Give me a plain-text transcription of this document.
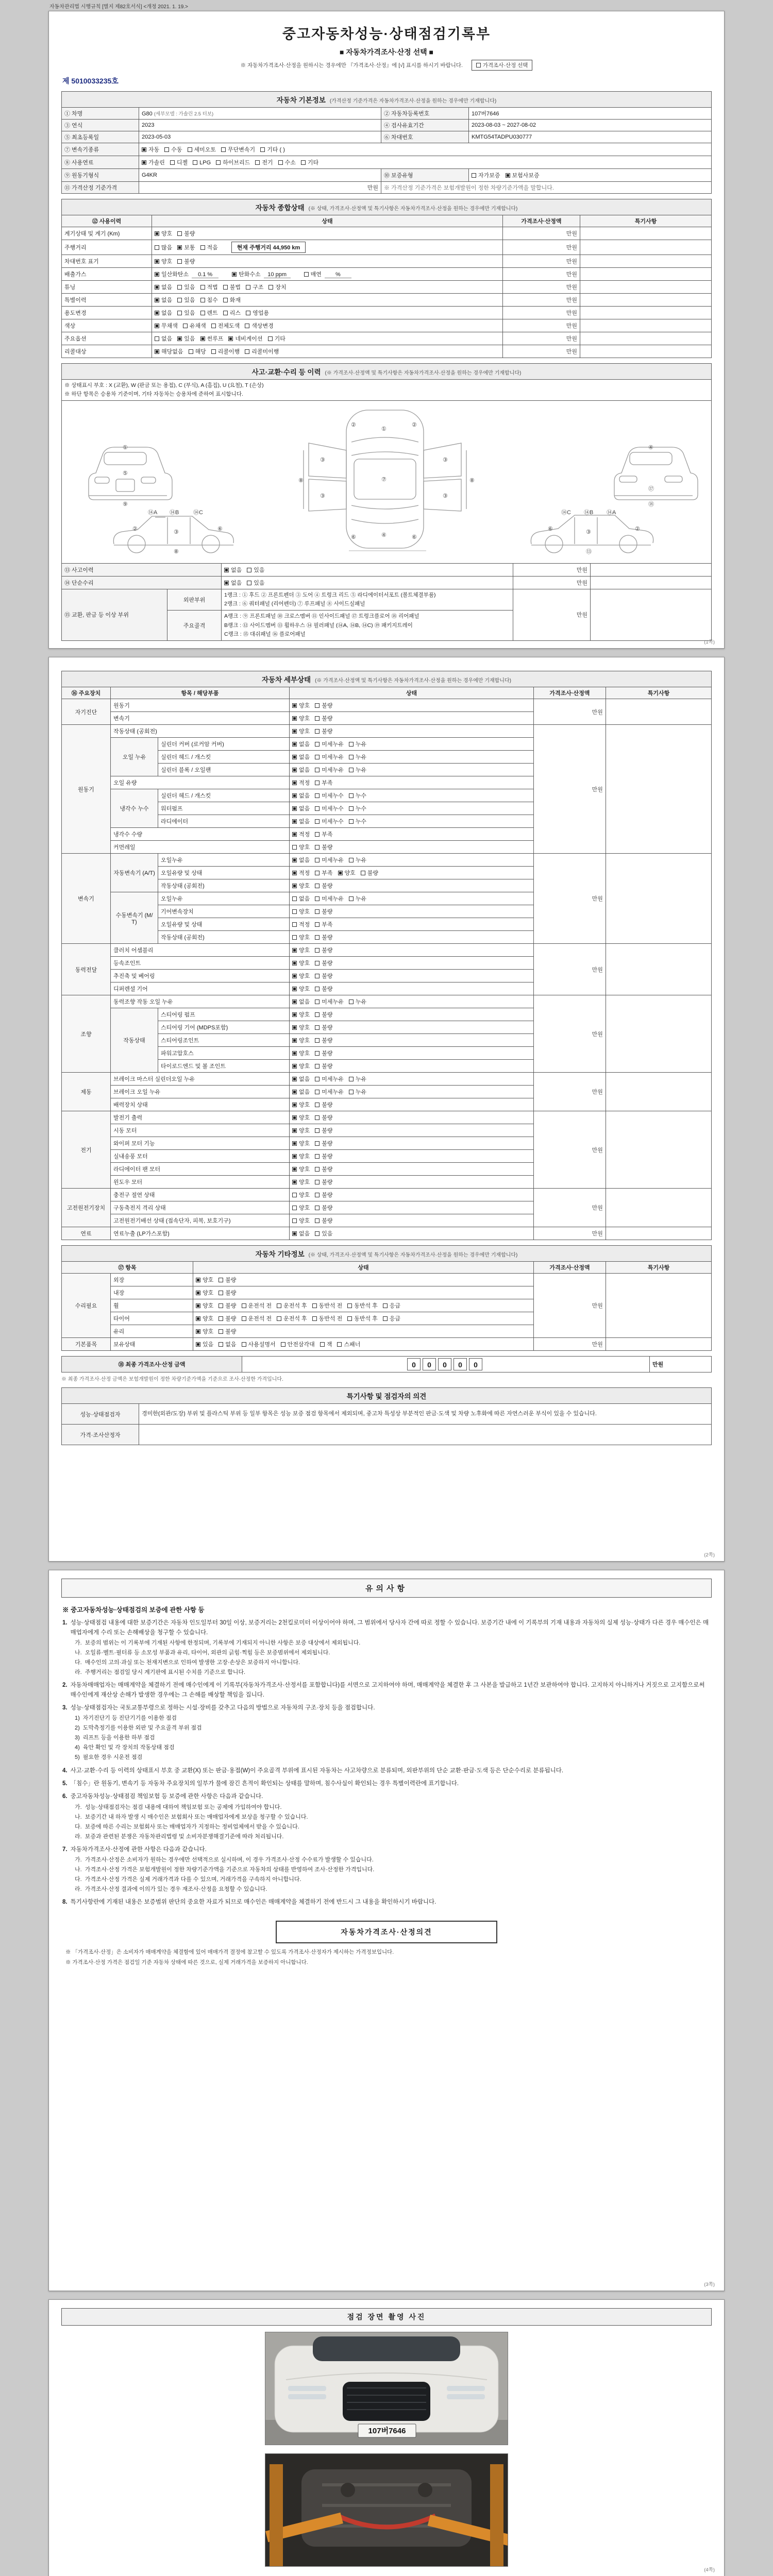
자동차관리법 시행규칙 [별지 제82호서식] <개정 2021. 1. 19.>
중고자동차성능·상태점검기록부
■ 자동차가격조사·산정 선택 ■
※ 자동차가격조사·산정을 원하시는 경우에만 『가격조사·산정』에 [√] 표시를 하시기 바랍니다.	가격조사·산정 선택
제 5010033235호
자동차 기본정보 (가격산정 기준가격은 자동차가격조사·산정을 원하는 경우에만 기재합니다)			
① 차명	G80 (세부모델 : 가솔린 2.5 터보)	② 자동차등록번호	107버7646
③ 연식	2023	④ 검사유효기간	2023-08-03 ~ 2027-08-02
⑤ 최초등록일	2023-05-03	⑥ 차대번호	KMTG54TADPU030777
⑦ 변속기종류	자동 수동 세미오토 무단변속기 기타 ( )		
⑧ 사용연료	가솔린 디젤 LPG 하이브리드 전기 수소 기타		
⑨ 원동기형식	G4KR	⑩ 보증유형	자가보증 보험사보증
⑪ 가격산정 기준가격	만원	※ 가격산정 기준가격은 보험개발원이 정한 차량기준가액을 말합니다.	
자동차 종합상태 (※ 상태, 가격조사·산정액 및 특기사항은 자동차가격조사·산정을 원하는 경우에만 기재합니다)			
⑫ 사용이력	상태	가격조사·산정액	특기사항
계기상태 및 계기 (Km)	양호 불량	만원	
주행거리	많음 보통 적음 현재 주행거리 44,950 km	만원	
차대번호 표기	양호 불량	만원	
배출가스	일산화탄소 0.1 % 탄화수소 10 ppm 매연 %	만원	
튜닝	없음 있음 적법 불법 구조 장치	만원	
특별이력	없음 있음 침수 화재	만원	
용도변경	없음 있음 렌트 리스 영업용	만원	
색상	무채색 유채색 전체도색 색상변경	만원	
주요옵션	없음 있음 썬루프 네비게이션 기타	만원	
리콜대상	해당없음 해당 리콜이행 리콜미이행	만원	
사고·교환·수리 등 이력 (※ 가격조사·산정액 및 특기사항은 자동차가격조사·산정을 원하는 경우에만 기재합니다)				

※ 상태표시 부호 : X (교환), W (판금 또는 용접), C (부식), A (흠집), U (요철), T (손상)
※ 하단 항목은 승용차 기준이며, 기타 자동차는 승용차에 준하여 표시합니다.				

①
⑤
⑨
①
⑦
④
②	②
③	③
③	③
⑥	⑥
⑧	⑧
④
⑰
⑱
⑭A ⑭B	⑭C
③
②	⑥
⑧
⑭C ⑭B ⑭A
③	②
⑥
⑬

⑬ 사고이력		없음 있음	만원	
⑭ 단순수리		없음 있음	만원	
⑮ 교환, 판금 등 이상 부위	외판부위	1랭크 : ① 후드 ② 프론트펜더 ③ 도어 ④ 트렁크 리드 ⑤ 라디에이터서포트 (볼트체결부품)
2랭크 : ⑥ 쿼터패널 (리어펜더) ⑦ 루프패널 ⑧ 사이드실패널	만원	
	주요골격	A랭크 : ⑨ 프론트패널 ⑩ 크로스멤버 ⑪ 인사이드패널 ⑰ 트렁크플로어 ⑱ 리어패널
B랭크 : ⑫ 사이드멤버 ⑬ 휠하우스 ⑭ 필러패널 (⑭A, ⑭B, ⑭C) ⑲ 패키지트레이
C랭크 : ⑮ 대쉬패널 ⑯ 플로어패널		
(1쪽)
자동차 세부상태 (※ 가격조사·산정액 및 특기사항은 자동차가격조사·산정을 원하는 경우에만 기재합니다)					
⑯ 주요장치	항목 / 해당부품		상태	가격조사·산정액	특기사항
자기진단	원동기		양호 불량	만원	
	변속기		양호 불량		
원동기	작동상태 (공회전)		양호 불량	만원	
	오일 누유	실린더 커버 (로커암 커버)	없음 미세누유 누유		
		실린더 헤드 / 개스킷	없음 미세누유 누유		
		실린더 블록 / 오일팬	없음 미세누유 누유		
	오일 유량		적정 부족		
	냉각수 누수	실린더 헤드 / 개스킷	없음 미세누수 누수		
		워터펌프	없음 미세누수 누수		
		라디에이터	없음 미세누수 누수		
	냉각수 수량		적정 부족		
	커먼레일		양호 불량		
변속기	자동변속기 (A/T)	오일누유	없음 미세누유 누유	만원	
		오일유량 및 상태	적정 부족 양호 불량		
		작동상태 (공회전)	양호 불량		
	수동변속기 (M/T)	오일누유	없음 미세누유 누유		
		기어변속장치	양호 불량		
		오일유량 및 상태	적정 부족		
		작동상태 (공회전)	양호 불량		
동력전달	클러치 어셈블리		양호 불량	만원	
	등속조인트		양호 불량		
	추진축 및 베어링		양호 불량		
	디퍼렌셜 기어		양호 불량		
조향	동력조향 작동 오일 누유		없음 미세누유 누유	만원	
	작동상태	스티어링 펌프	양호 불량		
		스티어링 기어 (MDPS포함)	양호 불량		
		스티어링조인트	양호 불량		
		파워고압호스	양호 불량		
		타이로드엔드 및 볼 조인트	양호 불량		
제동	브레이크 마스터 실린더오일 누유		없음 미세누유 누유	만원	
	브레이크 오일 누유		없음 미세누유 누유		
	배력장치 상태		양호 불량		
전기	발전기 출력		양호 불량	만원	
	시동 모터		양호 불량		
	와이퍼 모터 기능		양호 불량		
	실내송풍 모터		양호 불량		
	라디에이터 팬 모터		양호 불량		
	윈도우 모터		양호 불량		
고전원전기장치	충전구 절연 상태		양호 불량	만원	
	구동축전지 격리 상태		양호 불량		
	고전원전기배선 상태 (접속단자, 피복, 보호기구)		양호 불량		
연료	연료누출 (LP가스포함)		없음 있음	만원	
자동차 기타정보 (※ 상태, 가격조사·산정액 및 특기사항은 자동차가격조사·산정을 원하는 경우에만 기재합니다)				
⑰ 항목		상태	가격조사·산정액	특기사항
수리필요	외장	양호 불량	만원	
	내장	양호 불량		
	휠	양호 불량 운전석 전 운전석 후 동반석 전 동반석 후 응급		
	타이어	양호 불량 운전석 전 운전석 후 동반석 전 동반석 후 응급		
	유리	양호 불량		
기본품목	보유상태	있음 없음 사용설명서 안전삼각대 잭 스패너	만원	
⑱ 최종 가격조사·산정 금액	0 0 0 0 0	만원
※ 최종 가격조사·산정 금액은 보험개발원이 정한 차량기준가액을 기준으로 조사·산정한 가격입니다.
특기사항 및 점검자의 의견	
성능·상태점검자	경미한(외관/도장) 부위 및 플라스틱 부위 등 일부 항목은 성능 보증 점검 항목에서 제외되며, 중고차 특성상 부분적인 판금·도색 및 차량 노후화에 따른 자연스러운 부식이 있을 수 있습니다.
가격·조사산정자	
(2쪽)
유의사항
※ 중고자동차성능·상태점검의 보증에 관한 사항 등
1. 성능·상태점검 내용에 대한 보증기간은 자동차 인도일부터 30일 이상, 보증거리는 2천킬로미터 이상이어야 하며, 그 범위에서 당사자 간에 따로 정할 수 있습니다. 보증기간 내에 이 기록부의 기재 내용과 자동차의 실제 성능·상태가 다른 경우 매수인은 매매업자에게 수리 또는 손해배상을 청구할 수 있습니다.
가. 보증의 범위는 이 기록부에 기재된 사항에 한정되며, 기록부에 기재되지 아니한 사항은 보증 대상에서 제외됩니다.
나. 오일류·벨트·필터류 등 소모성 부품과 유리, 타이어, 외관의 긁힘·찍힘 등은 보증범위에서 제외됩니다.
다. 매수인의 고의·과실 또는 천재지변으로 인하여 발생한 고장·손상은 보증하지 아니합니다.
라. 주행거리는 점검일 당시 계기판에 표시된 수치를 기준으로 합니다.
2. 자동차매매업자는 매매계약을 체결하기 전에 매수인에게 이 기록부(자동차가격조사·산정서를 포함합니다)를 서면으로 고지하여야 하며, 매매계약을 체결한 후 그 사본을 발급하고 1년간 보관하여야 합니다. 고지하지 아니하거나 거짓으로 고지함으로써 매수인에게 재산상 손해가 발생한 경우에는 그 손해를 배상할 책임을 집니다.
3. 성능·상태점검자는 국토교통부령으로 정하는 시설·장비를 갖추고 다음의 방법으로 자동차의 구조·장치 등을 점검합니다.
1) 자기진단기 등 진단기기를 이용한 점검
2) 도막측정기를 이용한 외판 및 주요골격 부위 점검
3) 리프트 등을 이용한 하부 점검
4) 육안 확인 및 각 장치의 작동상태 점검
5) 필요한 경우 시운전 점검
4. 사고·교환·수리 등 이력의 상태표시 부호 중 교환(X) 또는 판금·용접(W)이 주요골격 부위에 표시된 자동차는 사고차량으로 분류되며, 외판부위의 단순 교환·판금·도색 등은 단순수리로 분류됩니다.
5. 「침수」란 원동기, 변속기 등 자동차 주요장치의 일부가 물에 잠긴 흔적이 확인되는 상태를 말하며, 침수사실이 확인되는 경우 특별이력란에 표기합니다.
6. 중고자동차성능·상태점검 책임보험 등 보증에 관한 사항은 다음과 같습니다.
가. 성능·상태점검자는 점검 내용에 대하여 책임보험 또는 공제에 가입하여야 합니다.
나. 보증기간 내 하자 발생 시 매수인은 보험회사 또는 매매업자에게 보상을 청구할 수 있습니다.
다. 보증에 따른 수리는 보험회사 또는 매매업자가 지정하는 정비업체에서 받을 수 있습니다.
라. 보증과 관련된 분쟁은 자동차관리법령 및 소비자분쟁해결기준에 따라 처리됩니다.
7. 자동차가격조사·산정에 관한 사항은 다음과 같습니다.
가. 가격조사·산정은 소비자가 원하는 경우에만 선택적으로 실시하며, 이 경우 가격조사·산정 수수료가 발생할 수 있습니다.
나. 가격조사·산정 가격은 보험개발원이 정한 차량기준가액을 기준으로 자동차의 상태를 반영하여 조사·산정한 가격입니다.
다. 가격조사·산정 가격은 실제 거래가격과 다를 수 있으며, 거래가격을 구속하지 아니합니다.
라. 가격조사·산정 결과에 이의가 있는 경우 재조사·산정을 요청할 수 있습니다.
8. 특기사항란에 기재된 내용은 보증범위 판단의 중요한 자료가 되므로 매수인은 매매계약을 체결하기 전에 반드시 그 내용을 확인하시기 바랍니다.
자동차가격조사·산정의견
※ 「가격조사·산정」은 소비자가 매매계약을 체결함에 있어 매매가격 결정에 참고할 수 있도록 가격조사·산정자가 제시하는 가격정보입니다.
※ 가격조사·산정 가격은 점검일 기준 자동차 상태에 따른 것으로, 실제 거래가격을 보증하지 아니합니다.
(3쪽)
점검 장면 촬영 사진
107버7646
(4쪽)
